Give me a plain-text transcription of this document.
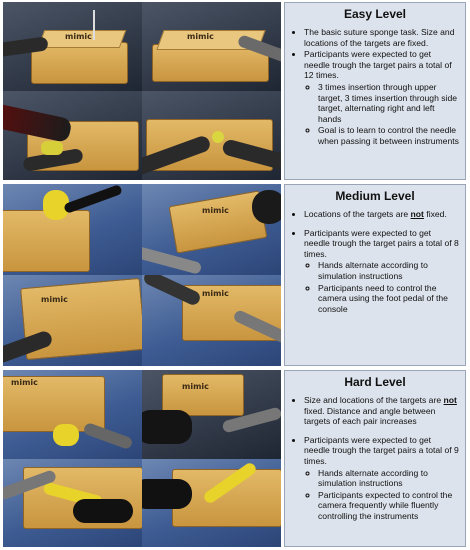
mimic	mimic
Easy Level
• The basic suture sponge task. Size and locations of the targets are fixed.
• Participants were expected to get needle trough the target pairs a total of 12 times.
◦ 3 times insertion through upper target, 3 times insertion through side target, alternating right and left hands
◦ Goal is to learn to control the needle when passing it between instruments
mimic
mimic
mimic
Medium Level
• Locations of the targets are not fixed.
• Participants were expected to get needle trough the target pairs a total of 8 times.
◦ Hands alternate according to simulation instructions
◦ Participants need to control the camera using the foot pedal of the console
mimic	mimic	Hard Level
• Size and locations of the targets are not fixed. Distance and angle between targets of each pair increases
• Participants were expected to get needle trough the target pairs a total of 9 times.
◦ Hands alternate according to simulation instructions
◦ Participants expected to control the camera frequently while fluently controlling the instruments
